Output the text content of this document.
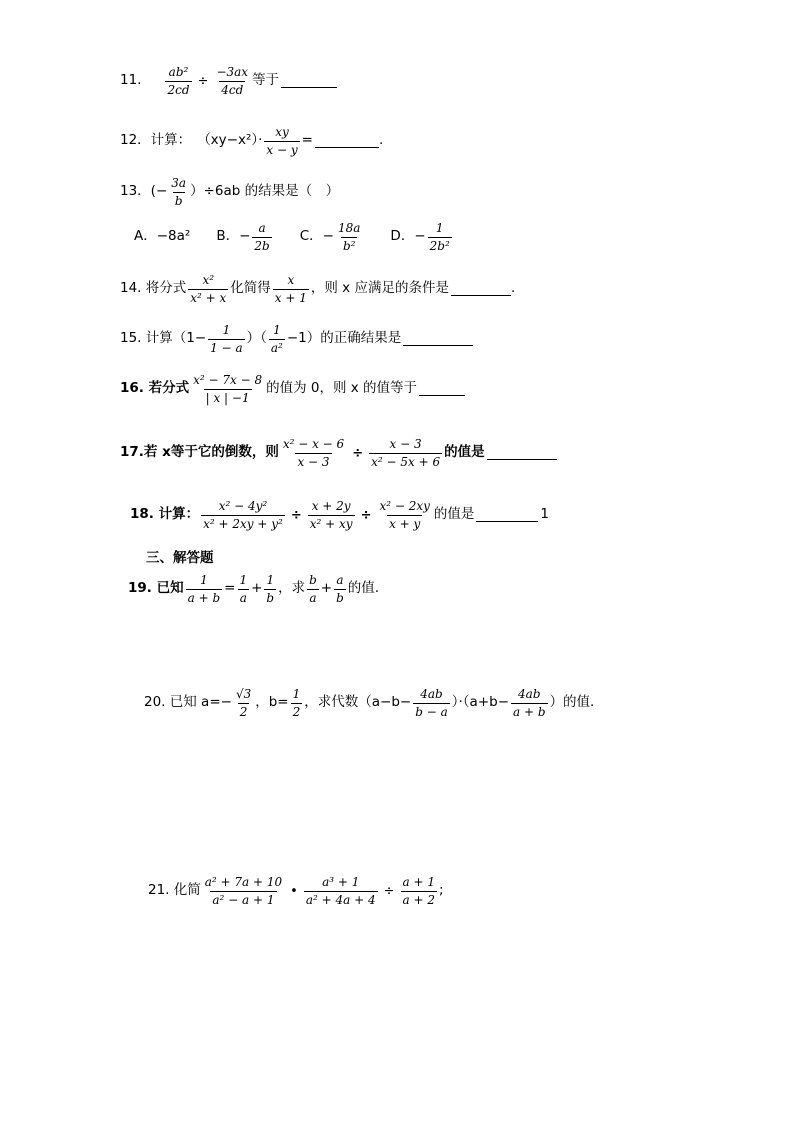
11. $\frac{\text{ab²}}{2cd} \div \frac{-3ax}{4cd}$ 等于
12．计算： $(xy-x^2)\cdot \frac{xy}{x - y}$ =	.
13．(− $\frac{3a}{b} )\div 6ab$ 的结果是（　）
A．−8a² B．− $\frac{a}{2b}$ C．− $\frac{18a}{\text{b²}}$ D．− $\frac{1}{\text{2b²}}$
14. 将分式 $\frac{\text{x²}}{\text{x² + x}}$ 化简得 $\frac{x}{x + 1}$ ，则 x 应满足的条件是	.
15. 计算（$1- \frac{1}{1 - a}$ ）（ $\frac{1}{\text{a²}} -1$）的正确结果是
16. 若分式 $\frac{\text{x² − 7x − 8}}{| x | -1}$ 的值为 0，则 x 的值等于
17.若 x等于它的倒数，则 $\frac{\text{x² − x − 6}}{x - 3} \div \frac{x - 3}{\text{x² − 5x + 6}}$ 的值是
18. 计算： $\frac{\text{x² − 4y²}}{\text{x² + 2xy + y²}} \div \frac{x + 2y}{\text{x² + xy}} \div \frac{\text{x² − 2xy}}{x + y}$ 的值是	1
三、解答题
19. 已知 $\frac{1}{a + b} = \frac{1}{a} + \frac{1}{b}$ ，求 $\frac{b}{a} + \frac{a}{b}$ 的值.
20. 已知 $a=- \frac{√3}{2}$ ，$b= \frac{1}{2}$ ，求代数$(a-b- \frac{4ab}{b - a} )\cdot(a+b- \frac{4ab}{a + b}$ ）的值.
21. 化简 $\frac{\text{a² + 7a + 10}}{\text{a² − a + 1}}$ • $\frac{\text{a³ + 1}}{\text{a² + 4a + 4}} \div \frac{a + 1}{a + 2}$ ;
